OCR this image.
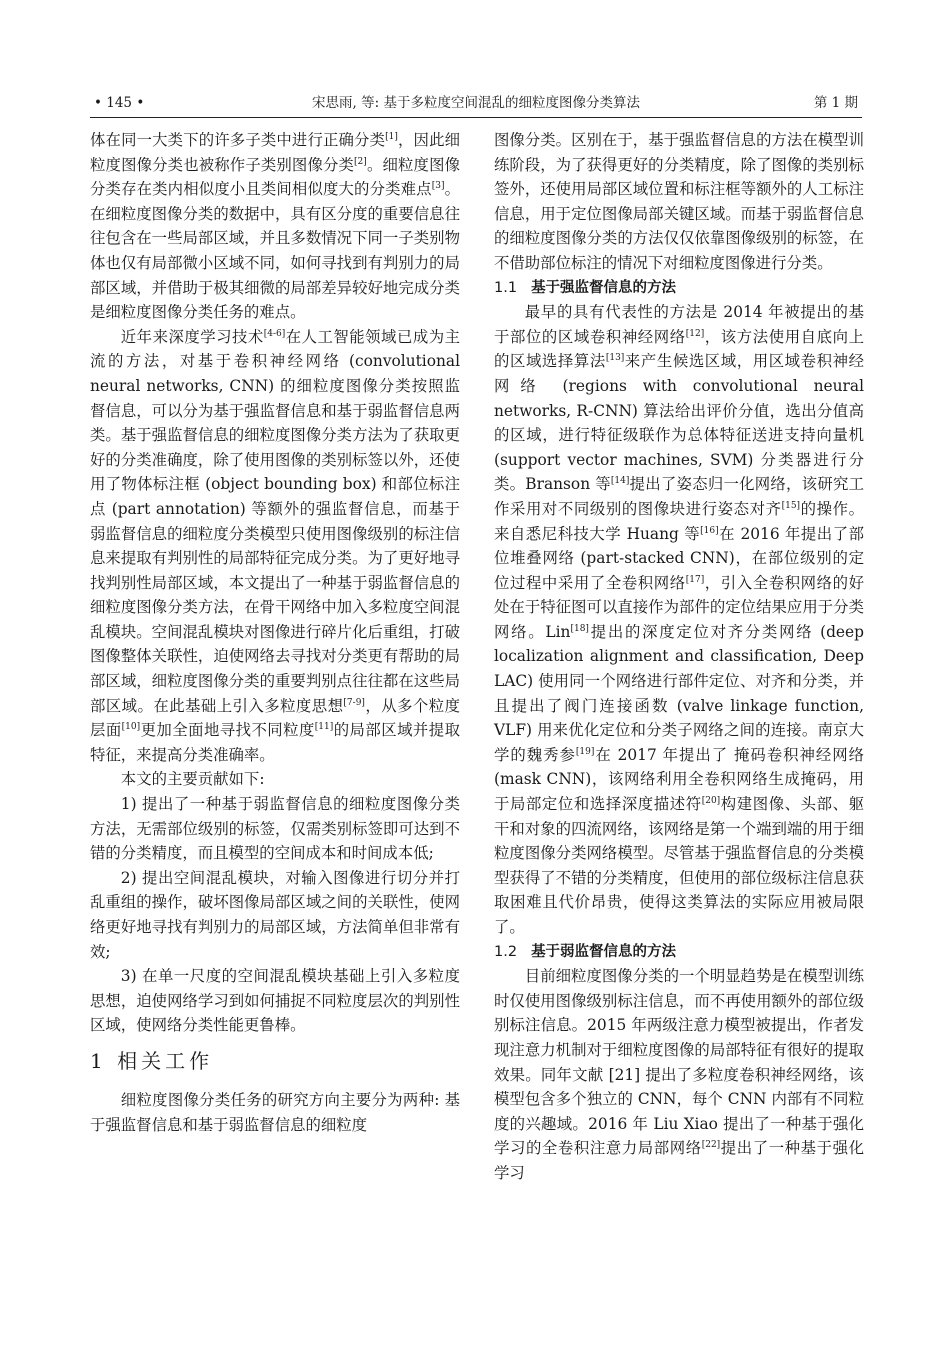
• 145 •	宋思雨, 等: 基于多粒度空间混乱的细粒度图像分类算法	第 1 期

体在同一大类下的许多子类中进行正确分类[1]，因此细粒度图像分类也被称作子类别图像分类[2]。细粒度图像分类存在类内相似度小且类间相似度大的分类难点[3]。在细粒度图像分类的数据中，具有区分度的重要信息往往包含在一些局部区域，并且多数情况下同一子类别物体也仅有局部微小区域不同，如何寻找到有判别力的局部区域，并借助于极其细微的局部差异较好地完成分类是细粒度图像分类任务的难点。

近年来深度学习技术[4-6]在人工智能领域已成为主流的方法，对基于卷积神经网络 (convolutional neural networks, CNN) 的细粒度图像分类按照监督信息，可以分为基于强监督信息和基于弱监督信息两类。基于强监督信息的细粒度图像分类方法为了获取更好的分类准确度，除了使用图像的类别标签以外，还使用了物体标注框 (object bounding box) 和部位标注点 (part annotation) 等额外的强监督信息，而基于弱监督信息的细粒度分类模型只使用图像级别的标注信息来提取有判别性的局部特征完成分类。为了更好地寻找判别性局部区域，本文提出了一种基于弱监督信息的细粒度图像分类方法，在骨干网络中加入多粒度空间混乱模块。空间混乱模块对图像进行碎片化后重组，打破图像整体关联性，迫使网络去寻找对分类更有帮助的局部区域，细粒度图像分类的重要判别点往往都在这些局部区域。在此基础上引入多粒度思想[7-9]，从多个粒度层面[10]更加全面地寻找不同粒度[11]的局部区域并提取特征，来提高分类准确率。

本文的主要贡献如下:

1) 提出了一种基于弱监督信息的细粒度图像分类方法，无需部位级别的标签，仅需类别标签即可达到不错的分类精度，而且模型的空间成本和时间成本低;

2) 提出空间混乱模块，对输入图像进行切分并打乱重组的操作，破坏图像局部区域之间的关联性，使网络更好地寻找有判别力的局部区域，方法简单但非常有效;

3) 在单一尺度的空间混乱模块基础上引入多粒度思想，迫使网络学习到如何捕捉不同粒度层次的判别性区域，使网络分类性能更鲁棒。

1 相关工作

细粒度图像分类任务的研究方向主要分为两种: 基于强监督信息和基于弱监督信息的细粒度

图像分类。区别在于，基于强监督信息的方法在模型训练阶段，为了获得更好的分类精度，除了图像的类别标签外，还使用局部区域位置和标注框等额外的人工标注信息，用于定位图像局部关键区域。而基于弱监督信息的细粒度图像分类的方法仅仅依靠图像级别的标签，在不借助部位标注的情况下对细粒度图像进行分类。

1.1 基于强监督信息的方法

最早的具有代表性的方法是 2014 年被提出的基于部位的区域卷积神经网络[12]，该方法使用自底向上的区域选择算法[13]来产生候选区域，用区域卷积神经网络 (regions with convolutional neural networks, R-CNN) 算法给出评价分值，选出分值高的区域，进行特征级联作为总体特征送进支持向量机 (support vector machines, SVM) 分类器进行分类。Branson 等[14]提出了姿态归一化网络，该研究工作采用对不同级别的图像块进行姿态对齐[15]的操作。来自悉尼科技大学 Huang 等[16]在 2016 年提出了部位堆叠网络 (part-stacked CNN)，在部位级别的定位过程中采用了全卷积网络[17]，引入全卷积网络的好处在于特征图可以直接作为部件的定位结果应用于分类网络。Lin[18]提出的深度定位对齐分类网络 (deep localization alignment and classification, Deep LAC) 使用同一个网络进行部件定位、对齐和分类，并且提出了阀门连接函数 (valve linkage function, VLF) 用来优化定位和分类子网络之间的连接。南京大学的魏秀参[19]在 2017 年提出了 掩码卷积神经网络 (mask CNN)，该网络利用全卷积网络生成掩码，用于局部定位和选择深度描述符[20]构建图像、头部、躯干和对象的四流网络，该网络是第一个端到端的用于细粒度图像分类网络模型。尽管基于强监督信息的分类模型获得了不错的分类精度，但使用的部位级标注信息获取困难且代价昂贵，使得这类算法的实际应用被局限了。

1.2 基于弱监督信息的方法

目前细粒度图像分类的一个明显趋势是在模型训练时仅使用图像级别标注信息，而不再使用额外的部位级别标注信息。2015 年两级注意力模型被提出，作者发现注意力机制对于细粒度图像的局部特征有很好的提取效果。同年文献 [21] 提出了多粒度卷积神经网络，该模型包含多个独立的 CNN，每个 CNN 内部有不同粒度的兴趣域。2016 年 Liu Xiao 提出了一种基于强化学习的全卷积注意力局部网络[22]提出了一种基于强化学习
